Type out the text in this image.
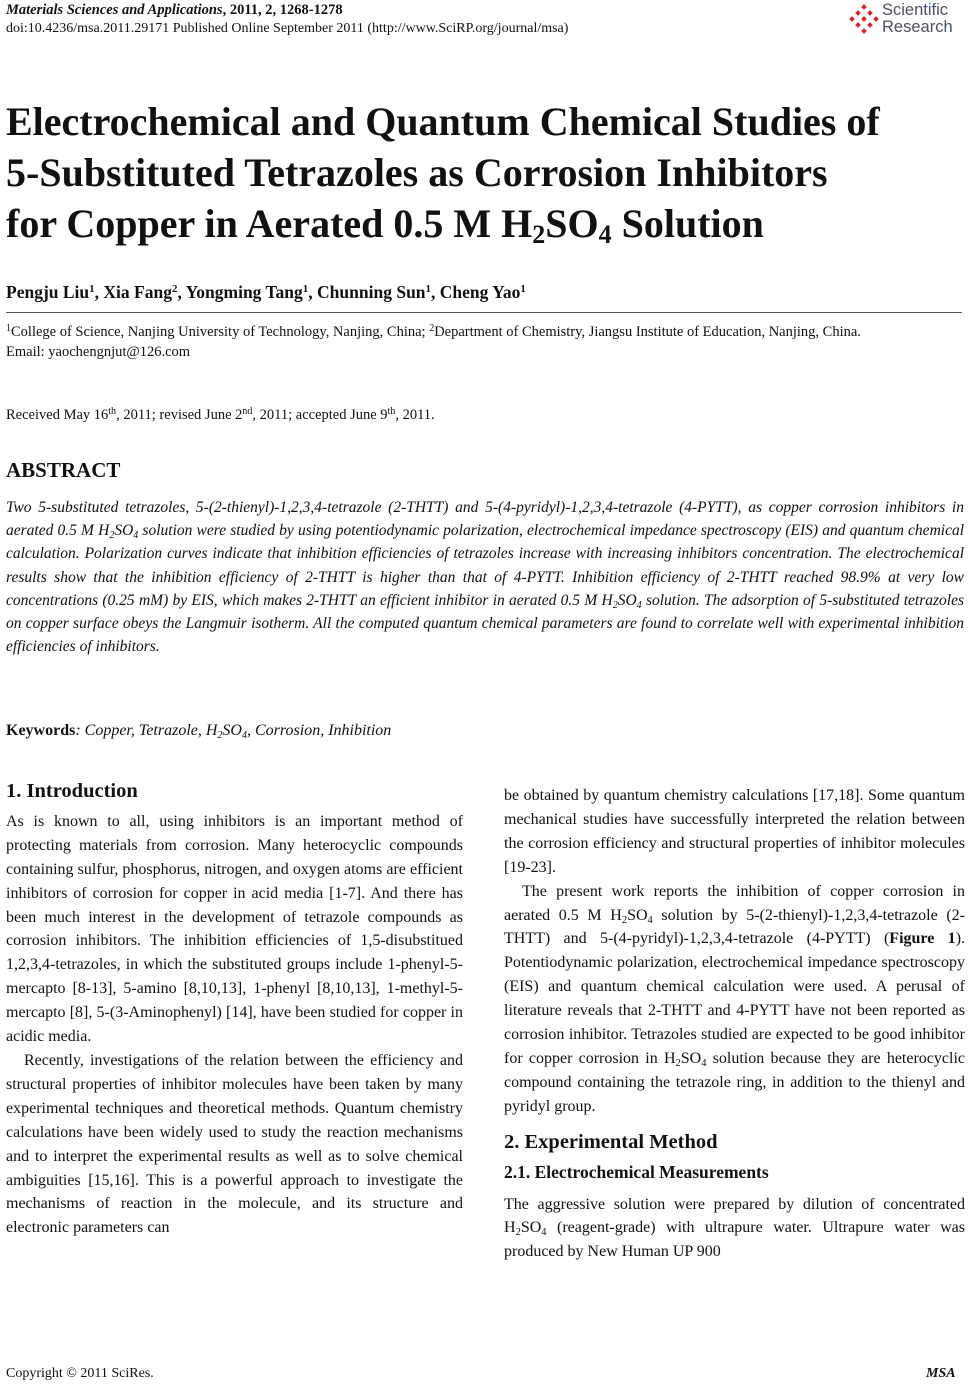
Materials Sciences and Applications, 2011, 2, 1268-1278
doi:10.4236/msa.2011.29171 Published Online September 2011 (http://www.SciRP.org/journal/msa)
Scientific
Research
Electrochemical and Quantum Chemical Studies of
5-Substituted Tetrazoles as Corrosion Inhibitors
for Copper in Aerated 0.5 M $H_2SO_4$ Solution
Pengju Liu$^1$, Xia Fang$^2$, Yongming Tang$^1$, Chunning Sun$^1$, Cheng Yao$^1$
$^1$College of Science, Nanjing University of Technology, Nanjing, China; $^2$Department of Chemistry, Jiangsu Institute of Education, Nanjing, China.
Email: yaochengnjut@126.com
Received May 16th, 2011; revised June 2nd, 2011; accepted June 9th, 2011.
ABSTRACT
Two 5-substituted tetrazoles, 5-(2-thienyl)-1,2,3,4-tetrazole (2-THTT) and 5-(4-pyridyl)-1,2,3,4-tetrazole (4-PYTT), as copper corrosion inhibitors in aerated 0.5 M $H_2SO_4$ solution were studied by using potentiodynamic polarization, electrochemical impedance spectroscopy (EIS) and quantum chemical calculation. Polarization curves indicate that inhibition efficiencies of tetrazoles increase with increasing inhibitors concentration. The electrochemical results show that the inhibition efficiency of 2-THTT is higher than that of 4-PYTT. Inhibition efficiency of 2-THTT reached 98.9% at very low concentrations (0.25 mM) by EIS, which makes 2-THTT an efficient inhibitor in aerated 0.5 M $H_2SO_4$ solution. The adsorption of 5-substituted tetrazoles on copper surface obeys the Langmuir isotherm. All the computed quantum chemical parameters are found to correlate well with experimental inhibition efficiencies of inhibitors.
Keywords: Copper, Tetrazole, $H_2SO_4$, Corrosion, Inhibition
1. Introduction

As is known to all, using inhibitors is an important method of protecting materials from corrosion. Many heterocyclic compounds containing sulfur, phosphorus, nitrogen, and oxygen atoms are efficient inhibitors of corrosion for copper in acid media [1-7]. And there has been much interest in the development of tetrazole compounds as corrosion inhibitors. The inhibition efficiencies of 1,5-disubstitued 1,2,3,4-tetrazoles, in which the substituted groups include 1-phenyl-5-mercapto [8-13], 5-amino [8,10,13], 1-phenyl [8,10,13], 1-methyl-5-mercapto [8], 5-(3-Aminophenyl) [14], have been studied for copper in acidic media.

Recently, investigations of the relation between the efficiency and structural properties of inhibitor molecules have been taken by many experimental techniques and theoretical methods. Quantum chemistry calculations have been widely used to study the reaction mechanisms and to interpret the experimental results as well as to solve chemical ambiguities [15,16]. This is a powerful approach to investigate the mechanisms of reaction in the molecule, and its structure and electronic parameters can

be obtained by quantum chemistry calculations [17,18]. Some quantum mechanical studies have successfully interpreted the relation between the corrosion efficiency and structural properties of inhibitor molecules [19-23].

The present work reports the inhibition of copper corrosion in aerated 0.5 M $H_2SO_4$ solution by 5-(2-thienyl)-1,2,3,4-tetrazole (2-THTT) and 5-(4-pyridyl)-1,2,3,4-tetrazole (4-PYTT) (Figure 1). Potentiodynamic polarization, electrochemical impedance spectroscopy (EIS) and quantum chemical calculation were used. A perusal of literature reveals that 2-THTT and 4-PYTT have not been reported as corrosion inhibitor. Tetrazoles studied are expected to be good inhibitor for copper corrosion in $H_2SO_4$ solution because they are heterocyclic compound containing the tetrazole ring, in addition to the thienyl and pyridyl group.

2. Experimental Method
2.1. Electrochemical Measurements

The aggressive solution were prepared by dilution of concentrated $H_2SO_4$ (reagent-grade) with ultrapure water. Ultrapure water was produced by New Human UP 900

Copyright © 2011 SciRes.	MSA
